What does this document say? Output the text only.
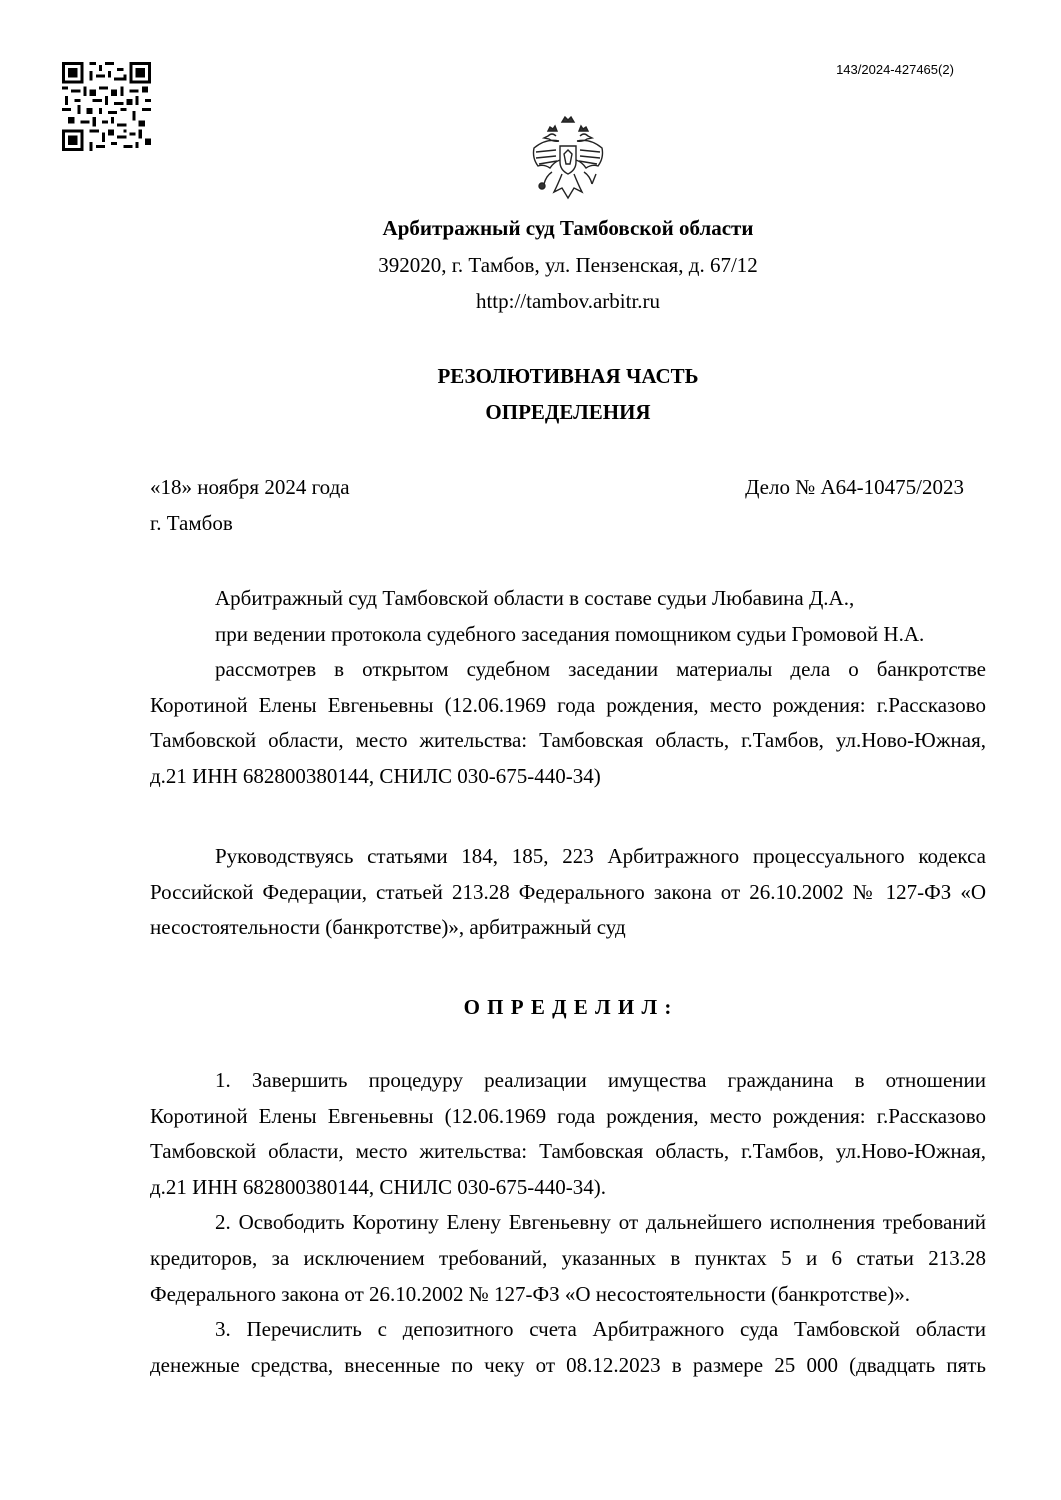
143/2024-427465(2)
Арбитражный суд Тамбовской области
392020, г. Тамбов, ул. Пензенская, д. 67/12
http://tambov.arbitr.ru
РЕЗОЛЮТИВНАЯ ЧАСТЬ
ОПРЕДЕЛЕНИЯ
«18» ноября 2024 года	Дело № А64-10475/2023
г. Тамбов
Арбитражный суд Тамбовской области в составе судьи Любавина Д.А.,
при ведении протокола судебного заседания помощником судьи Громовой Н.А.
рассмотрев в открытом судебном заседании материалы дела о банкротстве
Коротиной Елены Евгеньевны (12.06.1969 года рождения, место рождения: г.Рассказово
Тамбовской области, место жительства: Тамбовская область, г.Тамбов, ул.Ново-Южная,
д.21 ИНН 682800380144, СНИЛС 030-675-440-34)
Руководствуясь статьями 184, 185, 223 Арбитражного процессуального кодекса
Российской Федерации, статьей 213.28 Федерального закона от 26.10.2002 № 127-ФЗ «О
несостоятельности (банкротстве)», арбитражный суд
О П Р Е Д Е Л И Л :
1. Завершить процедуру реализации имущества гражданина в отношении
Коротиной Елены Евгеньевны (12.06.1969 года рождения, место рождения: г.Рассказово
Тамбовской области, место жительства: Тамбовская область, г.Тамбов, ул.Ново-Южная,
д.21 ИНН 682800380144, СНИЛС 030-675-440-34).
2. Освободить Коротину Елену Евгеньевну от дальнейшего исполнения требований
кредиторов, за исключением требований, указанных в пунктах 5 и 6 статьи 213.28
Федерального закона от 26.10.2002 № 127-ФЗ «О несостоятельности (банкротстве)».
3. Перечислить с депозитного счета Арбитражного суда Тамбовской области
денежные средства, внесенные по чеку от 08.12.2023 в размере 25 000 (двадцать пять
